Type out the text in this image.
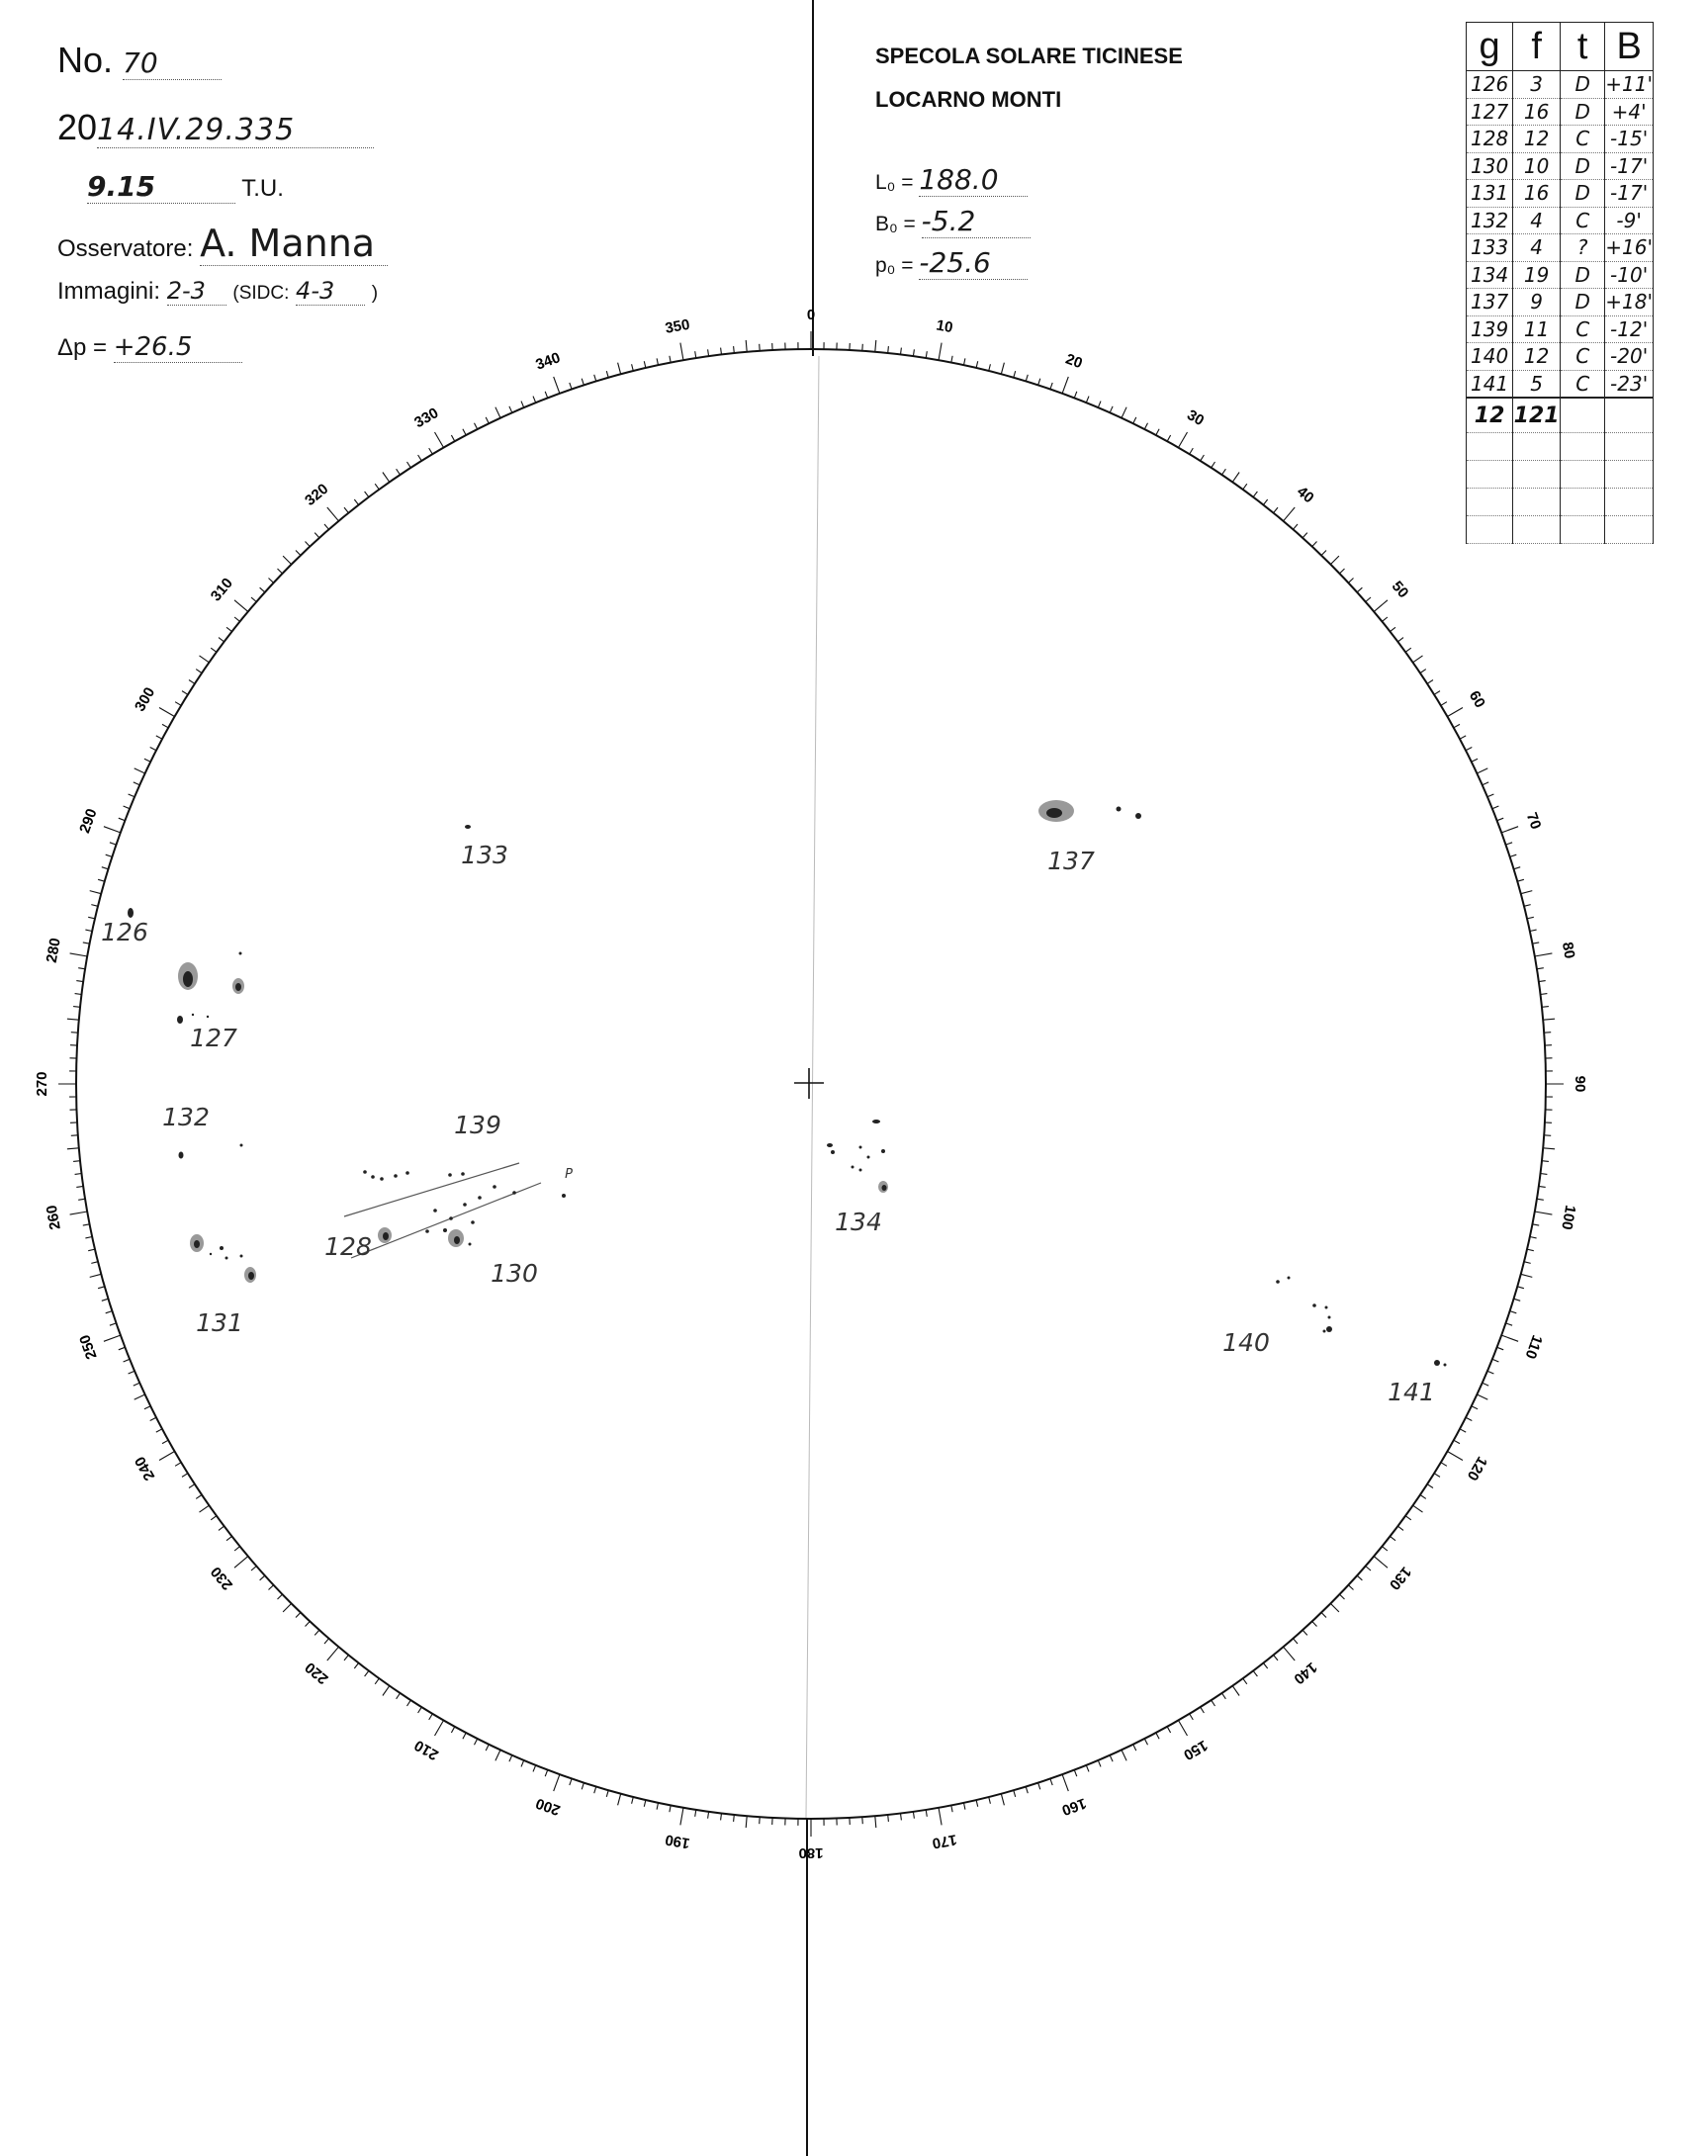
No. 70
2014.IV.29.335
9.15	T.U.
Osservatore: A. Manna
Immagini: 2-3 (SIDC: 4-3 )
Δp = +26.5
SPECOLA SOLARE TICINESE
LOCARNO MONTI
L₀ = 188.0
B₀ = -5.2
p₀ = -25.6
g	f	t	B
126	3	D	+11'
127	16	D	+4'
128	12	C	-15'
130	10	D	-17'
131	16	D	-17'
132	4	C	-9'
133	4	?	+16'
134	19	D	-10'
137	9	D	+18'
139	11	C	-12'
140	12	C	-20'
141	5	C	-23'
12	121		

0
10
20
30
40
50
60
70
80
90
100
110
120
130
140
150
160
170
180
190
200
210
220
230
240
250
260
270
280
290
300
310
320
330
340
350
126
127
128
130
131
132
133
134
137
139
140
141
P
